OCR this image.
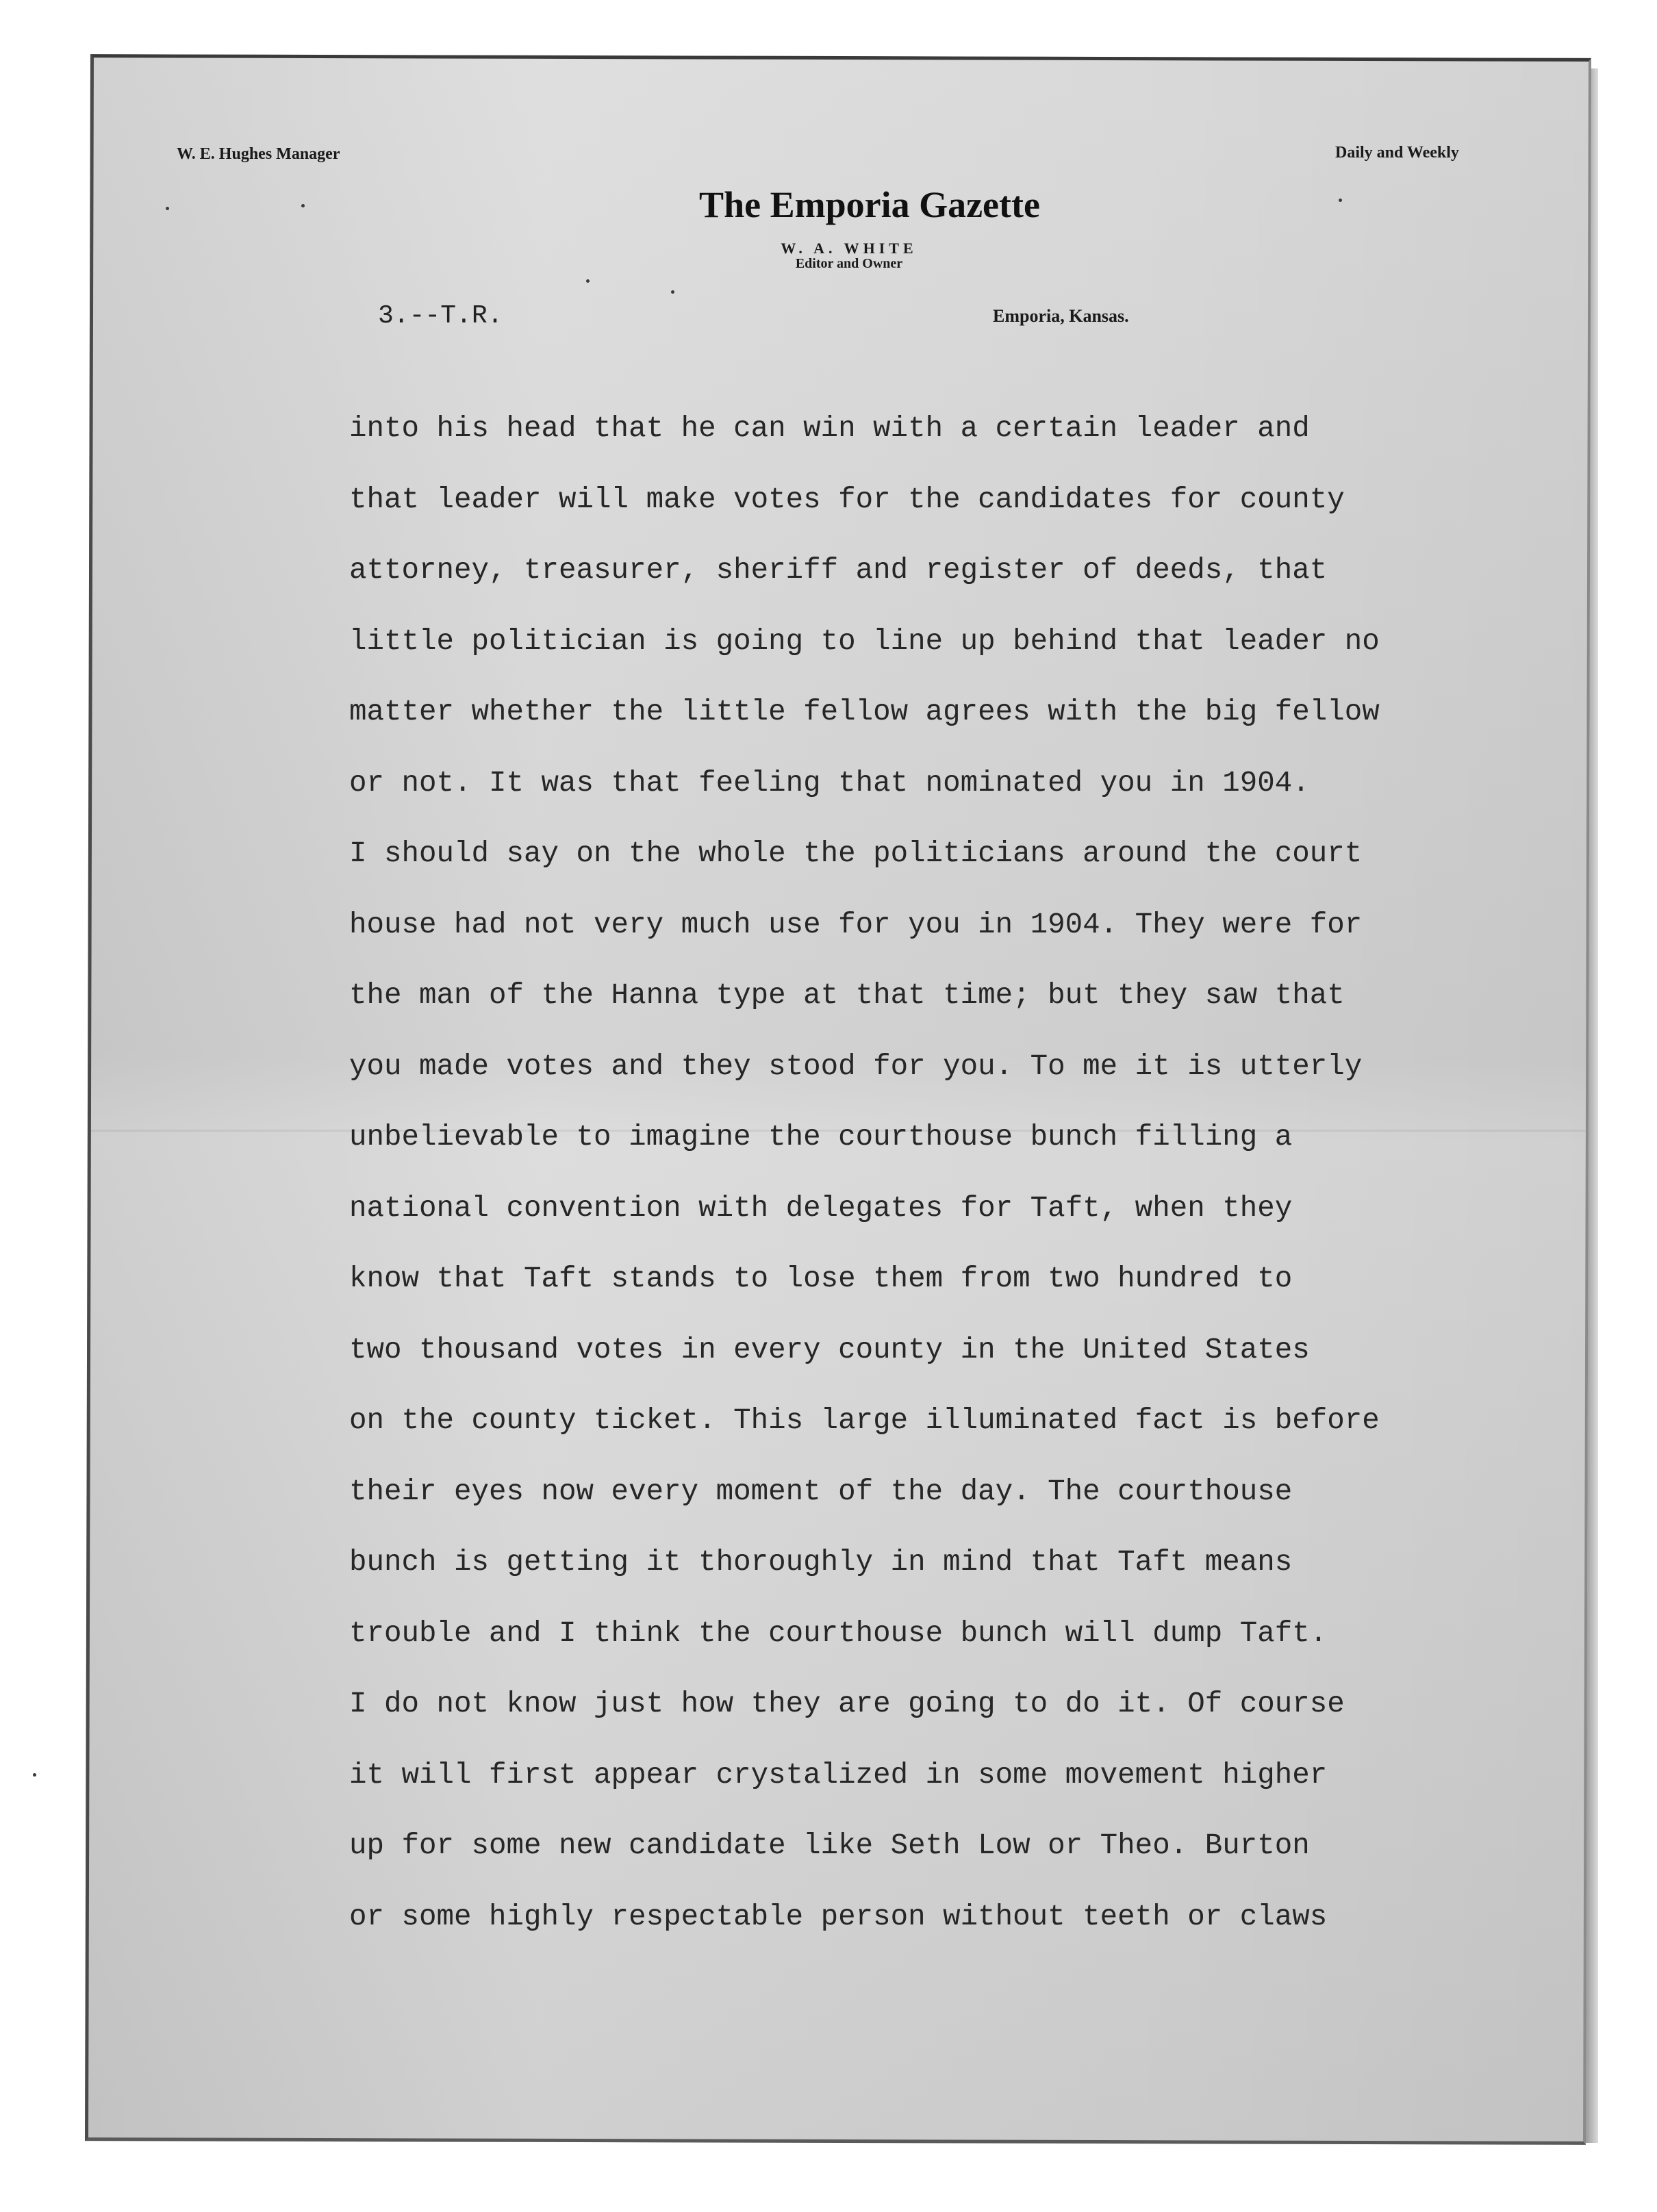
W. E. Hughes Manager	Daily and Weekly
The Emporia Gazette
W. A. WHITE
Editor and Owner
3.--T.R.	Emporia, Kansas.
into his head that he can win with a certain leader and
that leader will make votes for the candidates for county
attorney, treasurer, sheriff and register of deeds, that
little politician is going to line up behind that leader no
matter whether the little fellow agrees with the big fellow
or not. It was that feeling that nominated you in 1904.
I should say on the whole the politicians around the court
house had not very much use for you in 1904. They were for
the man of the Hanna type at that time; but they saw that
you made votes and they stood for you. To me it is utterly
unbelievable to imagine the courthouse bunch filling a
national convention with delegates for Taft, when they
know that Taft stands to lose them from two hundred to
two thousand votes in every county in the United States
on the county ticket. This large illuminated fact is before
their eyes now every moment of the day. The courthouse
bunch is getting it thoroughly in mind that Taft means
trouble and I think the courthouse bunch will dump Taft.
I do not know just how they are going to do it. Of course
it will first appear crystalized in some movement higher
up for some new candidate like Seth Low or Theo. Burton
or some highly respectable person without teeth or claws
